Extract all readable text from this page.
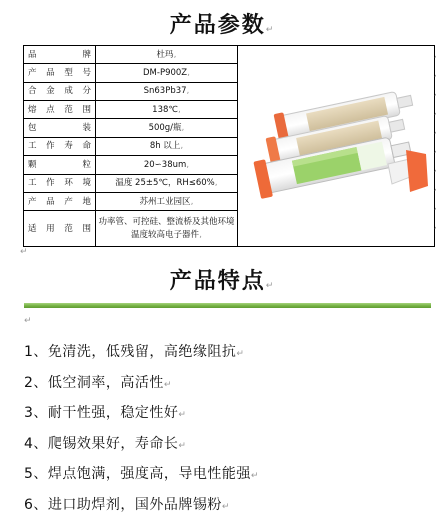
产品参数↵
品 牌	杜玛,	
产品型号	DM-P900Z,	
合金成分	Sn63Pb37,	
熔点范围	138℃,	
包 装	500g/瓶,	
工作寿命	8h 以上,	
颗 粒	20∽38um,	
工作环境	温度 25±5℃，RH≤60%,	
产品产地	苏州工业园区,	
适用范围	功率管、可控硅、整流桥及其他环境温度较高电子器件,	
,
,
,
,
,
,
,
,
,
,
↵
产品特点↵
↵
1、免清洗，低残留，高绝缘阻抗↵
2、低空洞率，高活性↵
3、耐干性强，稳定性好↵
4、爬锡效果好，寿命长↵
5、焊点饱满，强度高，导电性能强↵
6、进口助焊剂，国外品牌锡粉↵
